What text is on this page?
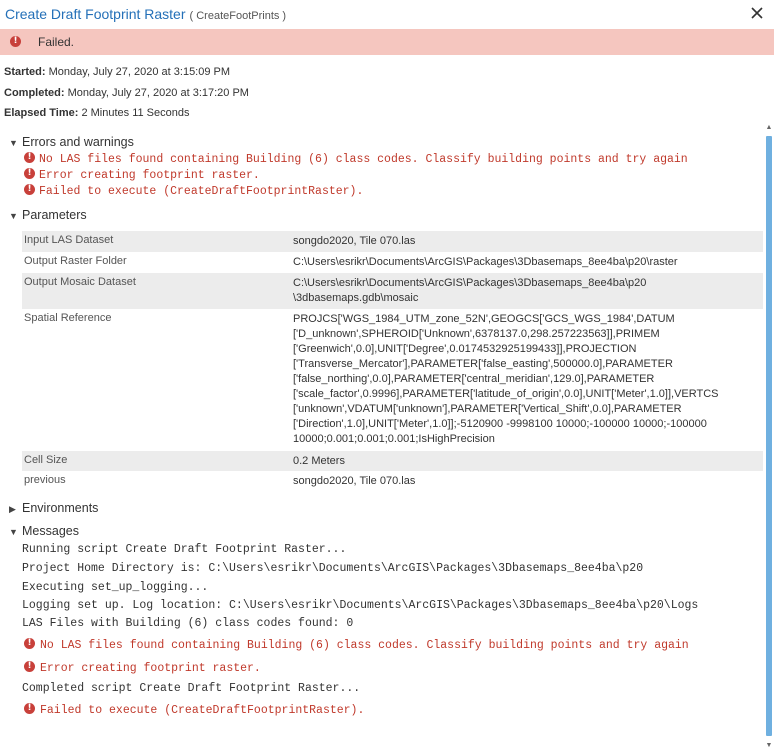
Create Draft Footprint Raster ( CreateFootPrints )
! Failed.
Started: Monday, July 27, 2020 at 3:15:09 PM
Completed: Monday, July 27, 2020 at 3:17:20 PM
Elapsed Time: 2 Minutes 11 Seconds
▼ Errors and warnings
! No LAS files found containing Building (6) class codes. Classify building points and try again
! Error creating footprint raster.
! Failed to execute (CreateDraftFootprintRaster).
▼ Parameters
Input LAS Dataset	songdo2020, Tile 070.las
Output Raster Folder	C:\Users\esrikr\Documents\ArcGIS\Packages\3Dbasemaps_8ee4ba\p20\raster
Output Mosaic Dataset	C:\Users\esrikr\Documents\ArcGIS\Packages\3Dbasemaps_8ee4ba\p20
\3dbasemaps.gdb\mosaic
Spatial Reference	PROJCS['WGS_1984_UTM_zone_52N',GEOGCS['GCS_WGS_1984',DATUM
['D_unknown',SPHEROID['Unknown',6378137.0,298.257223563]],PRIMEM
['Greenwich',0.0],UNIT['Degree',0.0174532925199433]],PROJECTION
['Transverse_Mercator'],PARAMETER['false_easting',500000.0],PARAMETER
['false_northing',0.0],PARAMETER['central_meridian',129.0],PARAMETER
['scale_factor',0.9996],PARAMETER['latitude_of_origin',0.0],UNIT['Meter',1.0]],VERTCS
['unknown',VDATUM['unknown'],PARAMETER['Vertical_Shift',0.0],PARAMETER
['Direction',1.0],UNIT['Meter',1.0]];-5120900 -9998100 10000;-100000 10000;-100000
10000;0.001;0.001;0.001;IsHighPrecision
Cell Size	0.2 Meters
previous	songdo2020, Tile 070.las
▶ Environments
▼ Messages
Running script Create Draft Footprint Raster...
Project Home Directory is: C:\Users\esrikr\Documents\ArcGIS\Packages\3Dbasemaps_8ee4ba\p20
Executing set_up_logging...
Logging set up. Log location: C:\Users\esrikr\Documents\ArcGIS\Packages\3Dbasemaps_8ee4ba\p20\Logs
LAS Files with Building (6) class codes found: 0
! No LAS files found containing Building (6) class codes. Classify building points and try again
! Error creating footprint raster.
Completed script Create Draft Footprint Raster...
! Failed to execute (CreateDraftFootprintRaster).
▲
▼
